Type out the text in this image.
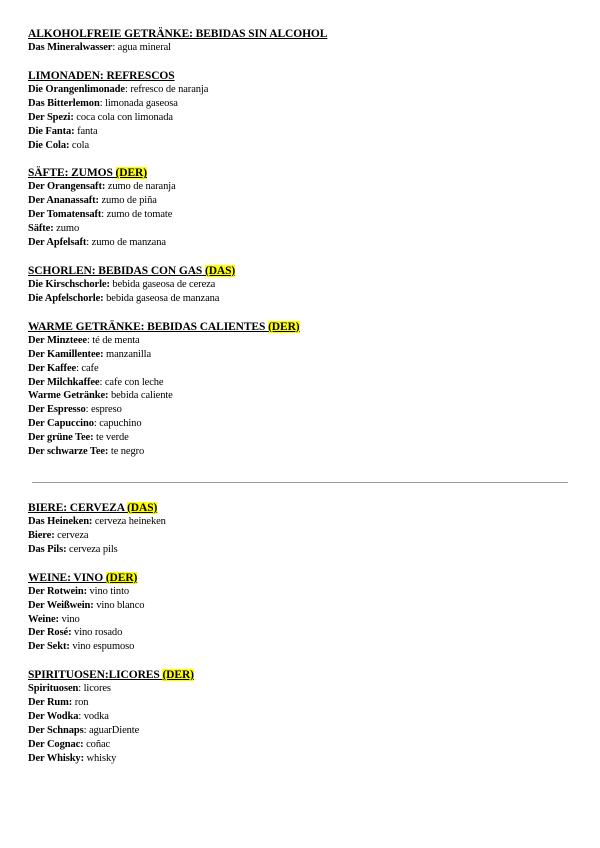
ALKOHOLFREIE GETRÄNKE: BEBIDAS SIN ALCOHOL
Das Mineralwasser: agua mineral
LIMONADEN: REFRESCOS
Die Orangenlimonade: refresco de naranja
Das Bitterlemon: limonada gaseosa
Der Spezi: coca cola con limonada
Die Fanta: fanta
Die Cola: cola
SÄFTE: ZUMOS (DER)
Der Orangensaft: zumo de naranja
Der Ananassaft: zumo de piña
Der Tomatensaft: zumo de tomate
Säfte: zumo
Der Apfelsaft: zumo de manzana
SCHORLEN: BEBIDAS CON GAS (DAS)
Die Kirschschorle: bebida gaseosa de cereza
Die Apfelschorle: bebida gaseosa de manzana
WARME GETRÄNKE: BEBIDAS CALIENTES (DER)
Der Minzteee: té de menta
Der Kamillentee: manzanilla
Der Kaffee: cafe
Der Milchkaffee: cafe con leche
Warme Getränke: bebida caliente
Der Espresso: espreso
Der Capuccino: capuchino
Der grüne Tee: te verde
Der schwarze Tee: te negro
BIERE: CERVEZA (DAS)
Das Heineken: cerveza heineken
Biere: cerveza
Das Pils: cerveza pils
WEINE: VINO (DER)
Der Rotwein: vino tinto
Der Weißwein: vino blanco
Weine: vino
Der Rosé: vino rosado
Der Sekt: vino espumoso
SPIRITUOSEN:LICORES (DER)
Spirituosen: licores
Der Rum: ron
Der Wodka: vodka
Der Schnaps: aguarDiente
Der Cognac: coñac
Der Whisky: whisky
